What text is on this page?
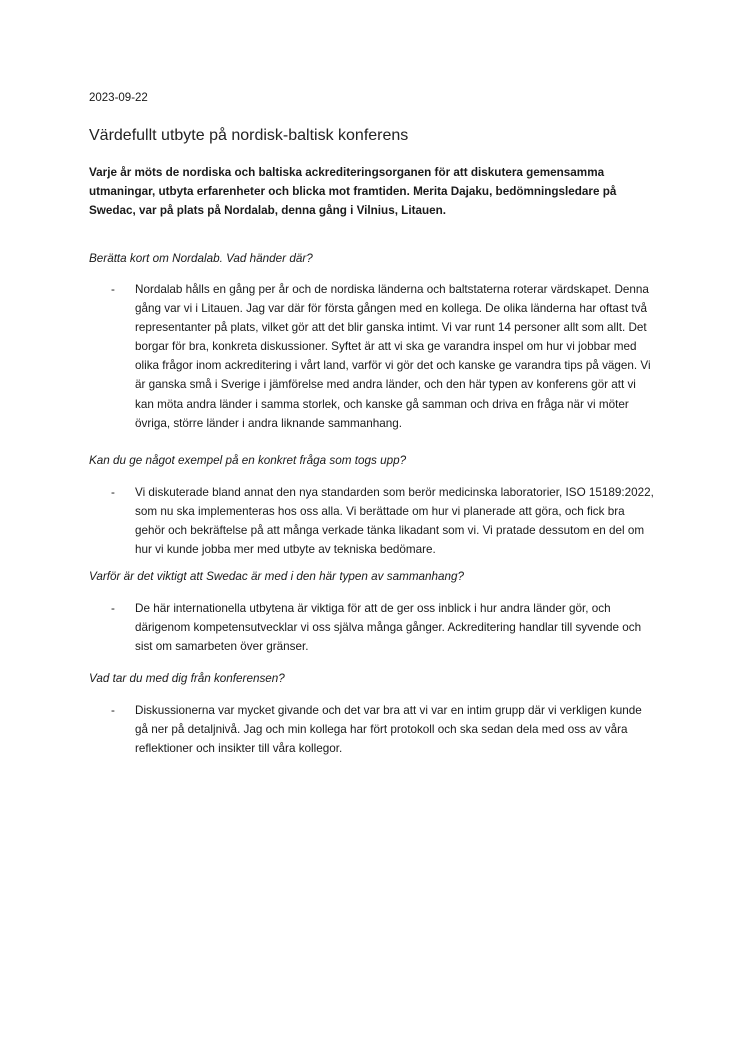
2023-09-22
Värdefullt utbyte på nordisk-baltisk konferens

Varje år möts de nordiska och baltiska ackrediteringsorganen för att diskutera gemensamma utmaningar, utbyta erfarenheter och blicka mot framtiden. Merita Dajaku, bedömningsledare på Swedac, var på plats på Nordalab, denna gång i Vilnius, Litauen.

Berätta kort om Nordalab. Vad händer där?

- Nordalab hålls en gång per år och de nordiska länderna och baltstaterna roterar värdskapet. Denna gång var vi i Litauen. Jag var där för första gången med en kollega. De olika länderna har oftast två representanter på plats, vilket gör att det blir ganska intimt. Vi var runt 14 personer allt som allt. Det borgar för bra, konkreta diskussioner. Syftet är att vi ska ge varandra inspel om hur vi jobbar med olika frågor inom ackreditering i vårt land, varför vi gör det och kanske ge varandra tips på vägen. Vi är ganska små i Sverige i jämförelse med andra länder, och den här typen av konferens gör att vi kan möta andra länder i samma storlek, och kanske gå samman och driva en fråga när vi möter övriga, större länder i andra liknande sammanhang.

Kan du ge något exempel på en konkret fråga som togs upp?

- Vi diskuterade bland annat den nya standarden som berör medicinska laboratorier, ISO 15189:2022, som nu ska implementeras hos oss alla. Vi berättade om hur vi planerade att göra, och fick bra gehör och bekräftelse på att många verkade tänka likadant som vi. Vi pratade dessutom en del om hur vi kunde jobba mer med utbyte av tekniska bedömare.

Varför är det viktigt att Swedac är med i den här typen av sammanhang?

- De här internationella utbytena är viktiga för att de ger oss inblick i hur andra länder gör, och därigenom kompetensutvecklar vi oss själva många gånger. Ackreditering handlar till syvende och sist om samarbeten över gränser.

Vad tar du med dig från konferensen?

- Diskussionerna var mycket givande och det var bra att vi var en intim grupp där vi verkligen kunde gå ner på detaljnivå. Jag och min kollega har fört protokoll och ska sedan dela med oss av våra reflektioner och insikter till våra kollegor.
